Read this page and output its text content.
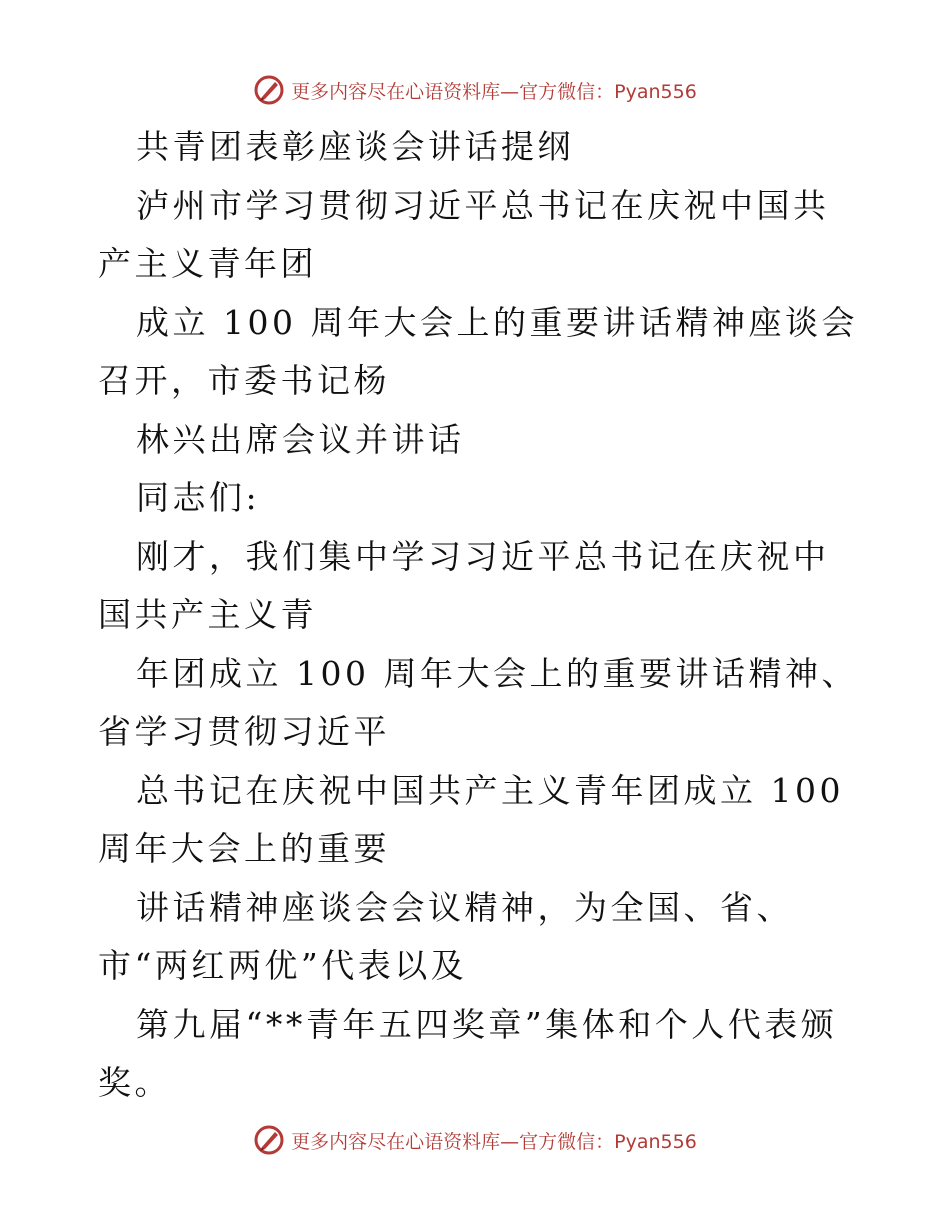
更多内容尽在心语资料库—官方微信：Pyan556

共青团表彰座谈会讲话提纲

泸州市学习贯彻习近平总书记在庆祝中国共产主义青年团

成立 100 周年大会上的重要讲话精神座谈会召开，市委书记杨

林兴出席会议并讲话

同志们:

刚才，我们集中学习习近平总书记在庆祝中国共产主义青

年团成立 100 周年大会上的重要讲话精神、省学习贯彻习近平

总书记在庆祝中国共产主义青年团成立 100 周年大会上的重要

讲话精神座谈会会议精神，为全国、省、市“两红两优”代表以及

第九届“**青年五四奖章”集体和个人代表颁奖。

更多内容尽在心语资料库—官方微信：Pyan556
